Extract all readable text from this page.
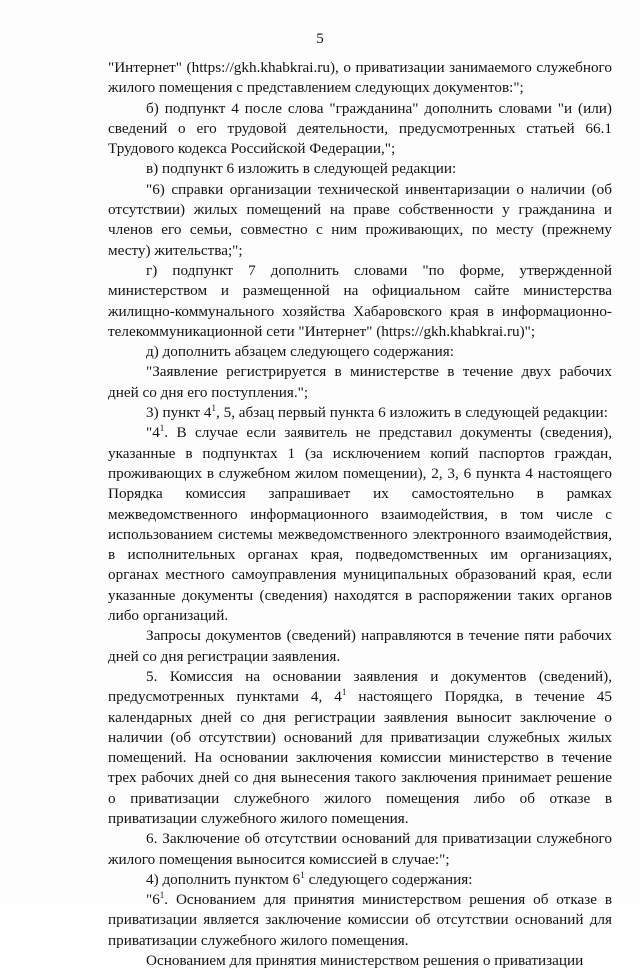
5

"Интернет" (https://gkh.khabkrai.ru), о приватизации занимаемого служебного жилого помещения с представлением следующих документов:";

б) подпункт 4 после слова "гражданина" дополнить словами "и (или) сведений о его трудовой деятельности, предусмотренных статьей 66.1 Трудового кодекса Российской Федерации,";

в) подпункт 6 изложить в следующей редакции:

"6) справки организации технической инвентаризации о наличии (об отсутствии) жилых помещений на праве собственности у гражданина и членов его семьи, совместно с ним проживающих, по месту (прежнему месту) жительства;";

г) подпункт 7 дополнить словами "по форме, утвержденной министерством и размещенной на официальном сайте министерства жилищно-коммунального хозяйства Хабаровского края в информационно-телекоммуникационной сети "Интернет" (https://gkh.khabkrai.ru)";

д) дополнить абзацем следующего содержания:

"Заявление регистрируется в министерстве в течение двух рабочих дней со дня его поступления.";

3) пункт $4^1$, 5, абзац первый пункта 6 изложить в следующей редакции:

"$4^1$. В случае если заявитель не представил документы (сведения), указанные в подпунктах 1 (за исключением копий паспортов граждан, проживающих в служебном жилом помещении), 2, 3, 6 пункта 4 настоящего Порядка комиссия запрашивает их самостоятельно в рамках межведомственного информационного взаимодействия, в том числе с использованием системы межведомственного электронного взаимодействия, в исполнительных органах края, подведомственных им организациях, органах местного самоуправления муниципальных образований края, если указанные документы (сведения) находятся в распоряжении таких органов либо организаций.

Запросы документов (сведений) направляются в течение пяти рабочих дней со дня регистрации заявления.

5. Комиссия на основании заявления и документов (сведений), предусмотренных пунктами 4, $4^1$ настоящего Порядка, в течение 45 календарных дней со дня регистрации заявления выносит заключение о наличии (об отсутствии) оснований для приватизации служебных жилых помещений. На основании заключения комиссии министерство в течение трех рабочих дней со дня вынесения такого заключения принимает решение о приватизации служебного жилого помещения либо об отказе в приватизации служебного жилого помещения.

6. Заключение об отсутствии оснований для приватизации служебного жилого помещения выносится комиссией в случае:";

4) дополнить пунктом $6^1$ следующего содержания:

"$6^1$. Основанием для принятия министерством решения об отказе в приватизации является заключение комиссии об отсутствии оснований для приватизации служебного жилого помещения.

Основанием для принятия министерством решения о приватизации
